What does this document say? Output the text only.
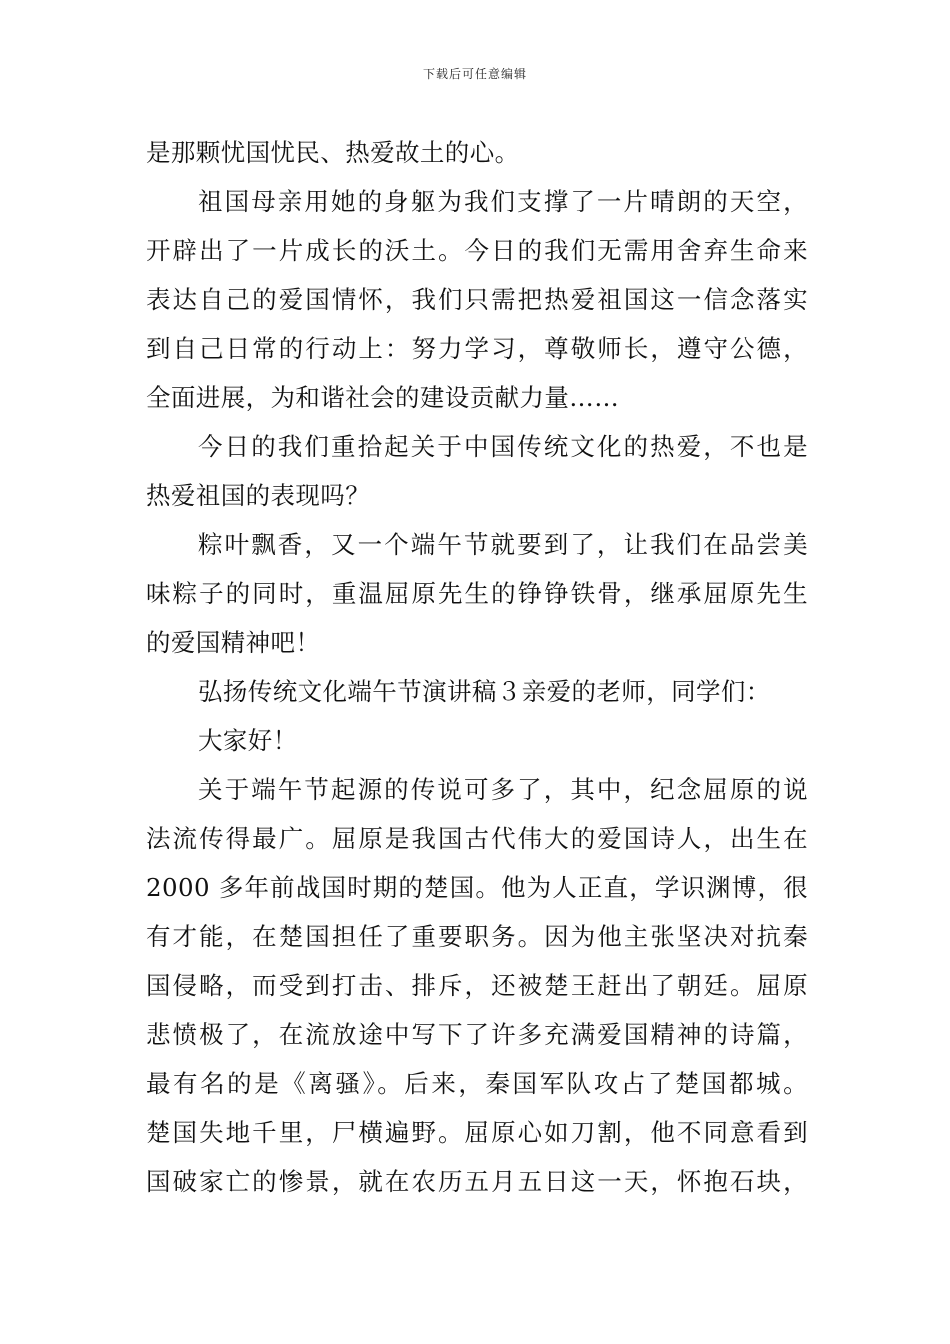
下载后可任意编辑
是那颗忧国忧民、热爱故土的心。
祖国母亲用她的身躯为我们支撑了一片晴朗的天空，
开辟出了一片成长的沃土。今日的我们无需用舍弃生命来
表达自己的爱国情怀，我们只需把热爱祖国这一信念落实
到自己日常的行动上：努力学习，尊敬师长，遵守公德，
全面进展，为和谐社会的建设贡献力量……
今日的我们重拾起关于中国传统文化的热爱，不也是
热爱祖国的表现吗？
粽叶飘香，又一个端午节就要到了，让我们在品尝美
味粽子的同时，重温屈原先生的铮铮铁骨，继承屈原先生
的爱国精神吧！
弘扬传统文化端午节演讲稿３亲爱的老师，同学们：
大家好！
关于端午节起源的传说可多了，其中，纪念屈原的说
法流传得最广。屈原是我国古代伟大的爱国诗人，出生在
2000 多年前战国时期的楚国。他为人正直，学识渊博，很
有才能，在楚国担任了重要职务。因为他主张坚决对抗秦
国侵略，而受到打击、排斥，还被楚王赶出了朝廷。屈原
悲愤极了，在流放途中写下了许多充满爱国精神的诗篇，
最有名的是《离骚》。后来，秦国军队攻占了楚国都城。
楚国失地千里，尸横遍野。屈原心如刀割，他不同意看到
国破家亡的惨景，就在农历五月五日这一天，怀抱石块，
